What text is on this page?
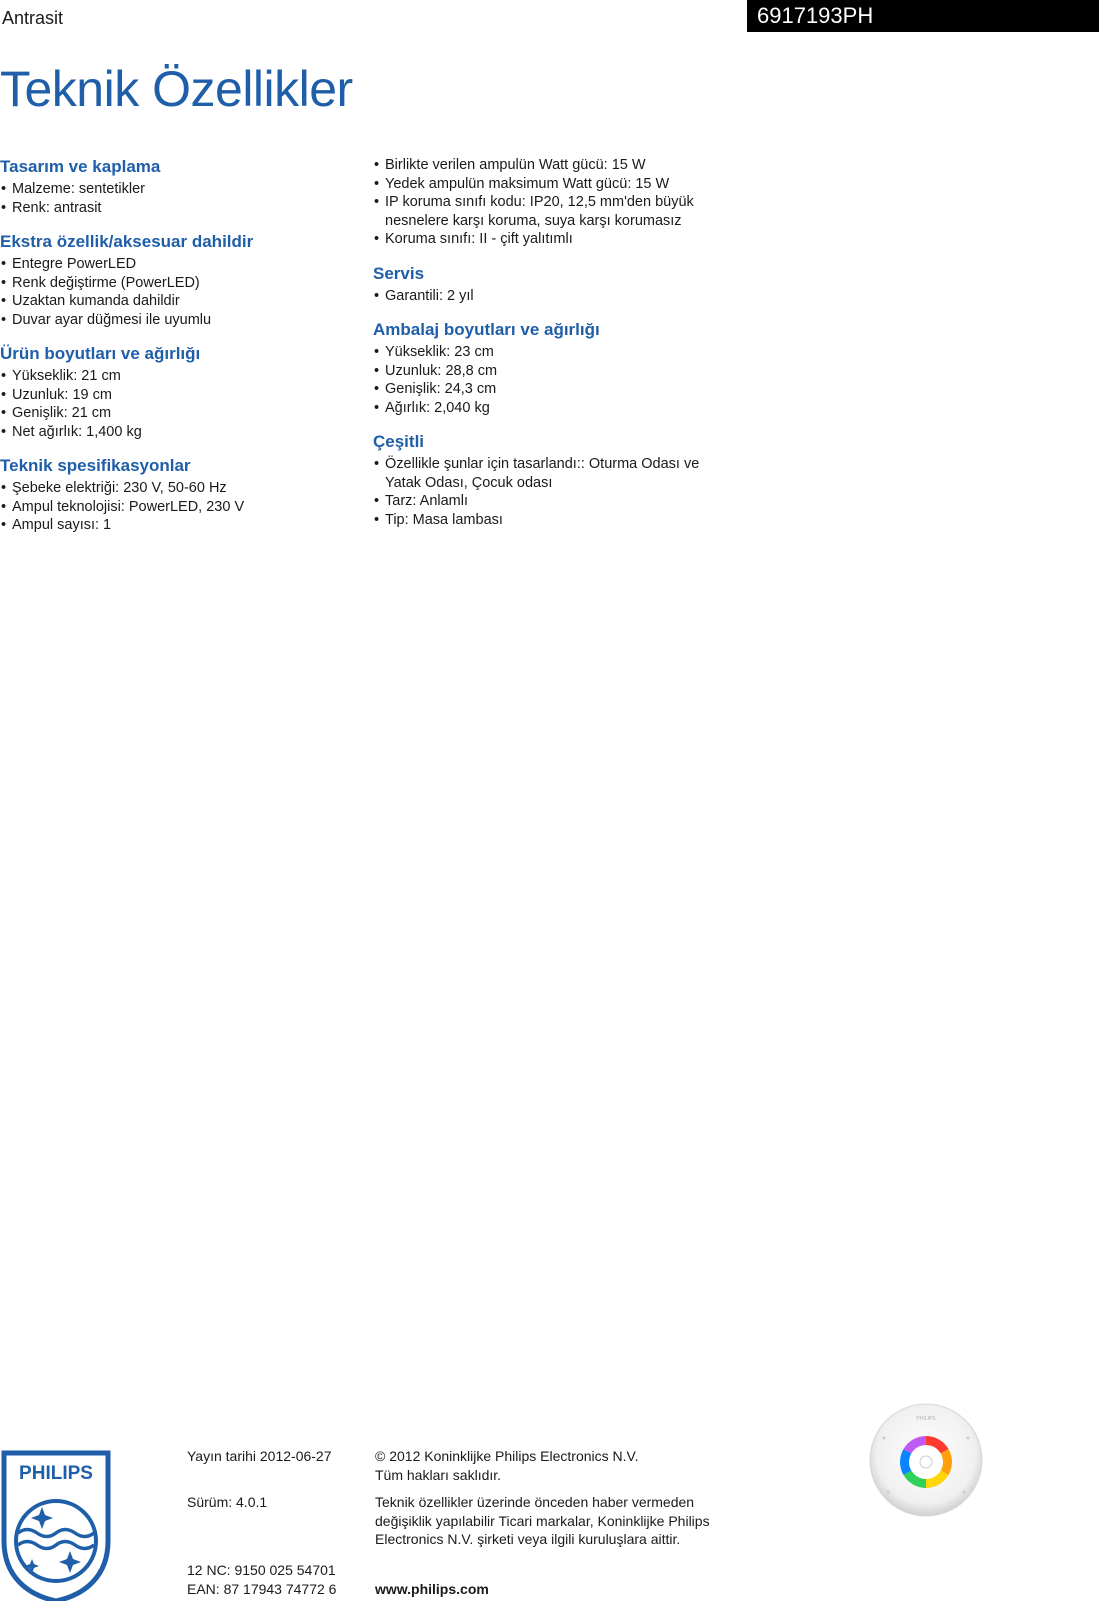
Antrasit	6917193PH
Teknik Özellikler
Tasarım ve kaplama
• Malzeme: sentetikler
• Renk: antrasit
Ekstra özellik/aksesuar dahildir
• Entegre PowerLED
• Renk değiştirme (PowerLED)
• Uzaktan kumanda dahildir
• Duvar ayar düğmesi ile uyumlu
Ürün boyutları ve ağırlığı
• Yükseklik: 21 cm
• Uzunluk: 19 cm
• Genişlik: 21 cm
• Net ağırlık: 1,400 kg
Teknik spesifikasyonlar
• Şebeke elektriği: 230 V, 50-60 Hz
• Ampul teknolojisi: PowerLED, 230 V
• Ampul sayısı: 1
• Birlikte verilen ampulün Watt gücü: 15 W
• Yedek ampulün maksimum Watt gücü: 15 W
• IP koruma sınıfı kodu: IP20, 12,5 mm'den büyük nesnelere karşı koruma, suya karşı korumasız
• Koruma sınıfı: II - çift yalıtımlı
Servis
• Garantili: 2 yıl
Ambalaj boyutları ve ağırlığı
• Yükseklik: 23 cm
• Uzunluk: 28,8 cm
• Genişlik: 24,3 cm
• Ağırlık: 2,040 kg
Çeşitli
• Özellikle şunlar için tasarlandı:: Oturma Odası ve Yatak Odası, Çocuk odası
• Tarz: Anlamlı
• Tip: Masa lambası
PHILIPS
Yayın tarihi 2012-06-27
Sürüm: 4.0.1
12 NC: 9150 025 54701
EAN: 87 17943 74772 6
© 2012 Koninklijke Philips Electronics N.V.
Tüm hakları saklıdır.
Teknik özellikler üzerinde önceden haber vermeden değişiklik yapılabilir Ticari markalar, Koninklijke Philips Electronics N.V. şirketi veya ilgili kuruluşlara aittir.
www.philips.com
PHILIPS
